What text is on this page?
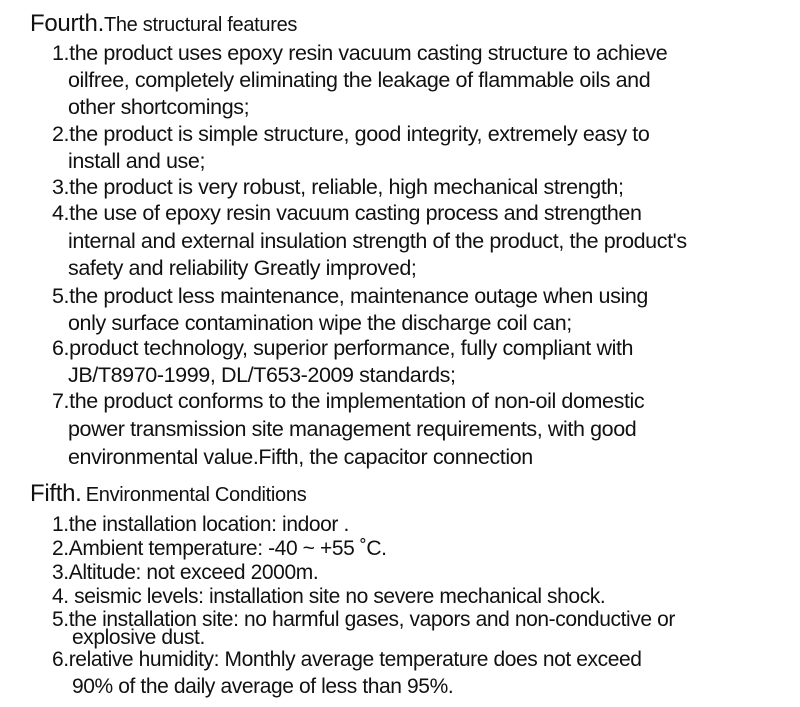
Fourth.The structural features
1.the product uses epoxy resin vacuum casting structure to achieve
oilfree, completely eliminating the leakage of flammable oils and
other shortcomings;
2.the product is simple structure, good integrity, extremely easy to
install and use;
3.the product is very robust, reliable, high mechanical strength;
4.the use of epoxy resin vacuum casting process and strengthen
internal and external insulation strength of the product, the product's
safety and reliability Greatly improved;
5.the product less maintenance, maintenance outage when using
only surface contamination wipe the discharge coil can;
6.product technology, superior performance, fully compliant with
JB/T8970-1999, DL/T653-2009 standards;
7.the product conforms to the implementation of non-oil domestic
power transmission site management requirements, with good
environmental value.Fifth, the capacitor connection
Fifth. Environmental Conditions
1.the installation location: indoor .
2.Ambient temperature: -40 ~ +55 ˚C.
3.Altitude: not exceed 2000m.
4. seismic levels: installation site no severe mechanical shock.
5.the installation site: no harmful gases, vapors and non-conductive or
explosive dust.
6.relative humidity: Monthly average temperature does not exceed
90% of the daily average of less than 95%.
